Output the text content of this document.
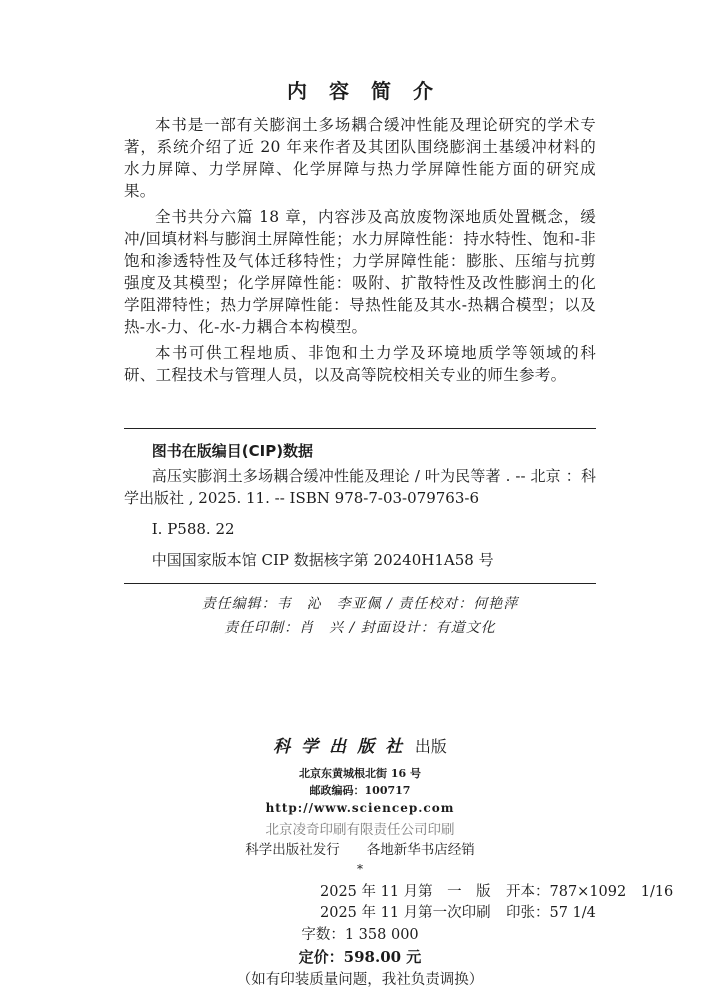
内容简介

本书是一部有关膨润土多场耦合缓冲性能及理论研究的学术专著，系统介绍了近 20 年来作者及其团队围绕膨润土基缓冲材料的水力屏障、力学屏障、化学屏障与热力学屏障性能方面的研究成果。

全书共分六篇 18 章，内容涉及高放废物深地质处置概念，缓冲/回填材料与膨润土屏障性能；水力屏障性能：持水特性、饱和-非饱和渗透特性及气体迁移特性；力学屏障性能：膨胀、压缩与抗剪强度及其模型；化学屏障性能：吸附、扩散特性及改性膨润土的化学阻滞特性；热力学屏障性能：导热性能及其水-热耦合模型；以及热-水-力、化-水-力耦合本构模型。

本书可供工程地质、非饱和土力学及环境地质学等领域的科研、工程技术与管理人员，以及高等院校相关专业的师生参考。

图书在版编目(CIP)数据

高压实膨润土多场耦合缓冲性能及理论 / 叶为民等著 . -- 北京 ：科学出版社 , 2025. 11. -- ISBN 978-7-03-079763-6

Ⅰ. P588. 22

中国国家版本馆 CIP 数据核字第 20240H1A58 号

责任编辑：韦　沁　李亚佩 / 责任校对：何艳萍
责任印制：肖　兴 / 封面设计：有道文化
科学出版社出版
北京东黄城根北街 16 号
邮政编码：100717
http://www.sciencep.com
北京凌奇印刷有限责任公司印刷
科学出版社发行　　各地新华书店经销
*
2025 年 11 月第　一　版 开本：787×1092　1/16
2025 年 11 月第一次印刷 印张：57 1/4
字数：1 358 000
定价：598.00 元
（如有印装质量问题，我社负责调换）
